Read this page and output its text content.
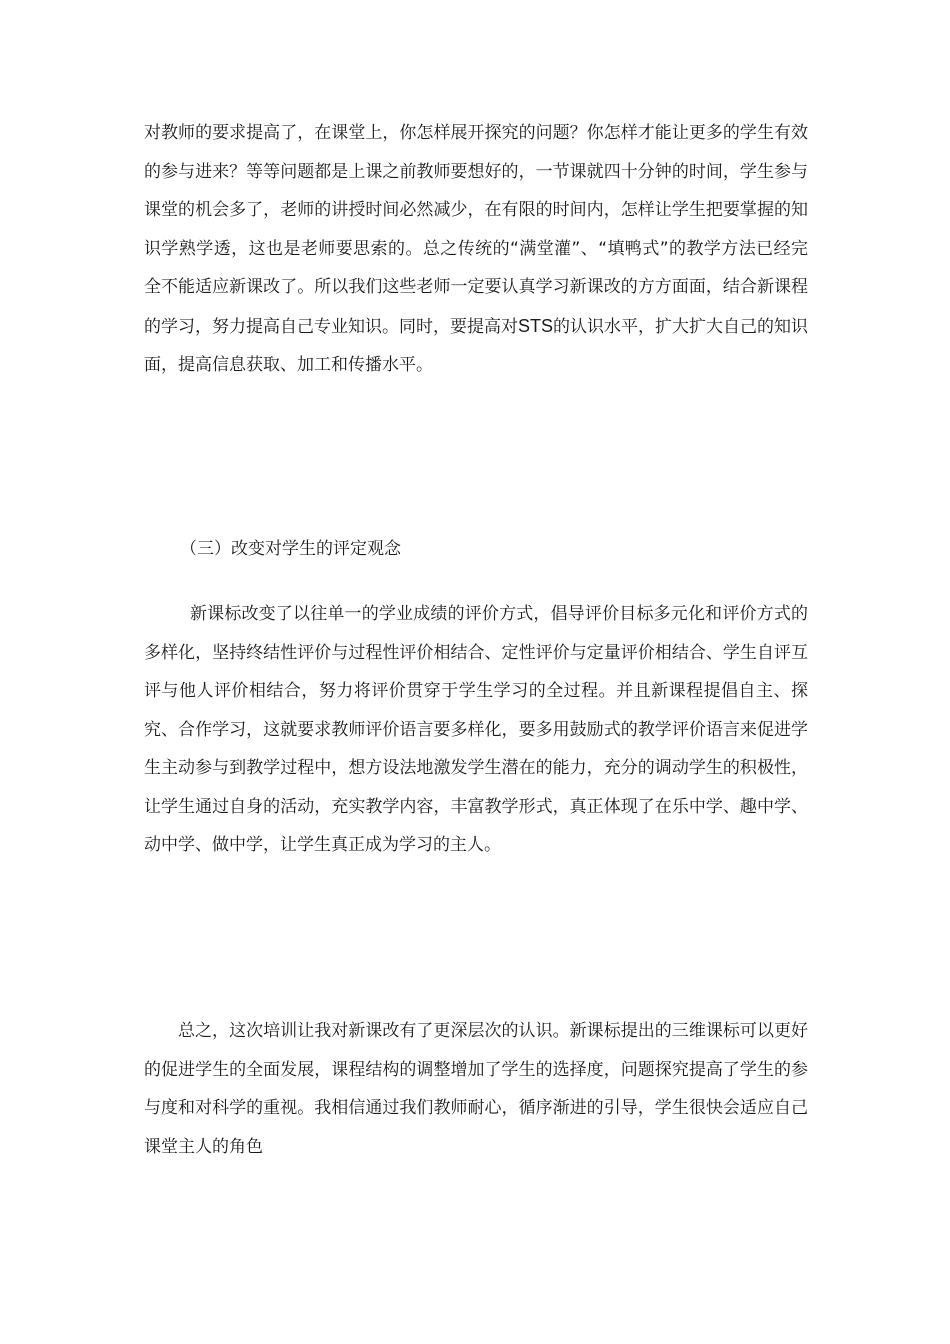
对教师的要求提高了，在课堂上，你怎样展开探究的问题？你怎样才能让更多的学生有效的参与进来？等等问题都是上课之前教师要想好的，一节课就四十分钟的时间，学生参与课堂的机会多了，老师的讲授时间必然减少，在有限的时间内，怎样让学生把要掌握的知识学熟学透，这也是老师要思索的。总之传统的“满堂灌”、“填鸭式”的教学方法已经完全不能适应新课改了。所以我们这些老师一定要认真学习新课改的方方面面，结合新课程的学习，努力提高自己专业知识。同时，要提高对STS的认识水平，扩大扩大自己的知识面，提高信息获取、加工和传播水平。

（三）改变对学生的评定观念

新课标改变了以往单一的学业成绩的评价方式，倡导评价目标多元化和评价方式的多样化，坚持终结性评价与过程性评价相结合、定性评价与定量评价相结合、学生自评互评与他人评价相结合，努力将评价贯穿于学生学习的全过程。并且新课程提倡自主、探究、合作学习，这就要求教师评价语言要多样化，要多用鼓励式的教学评价语言来促进学生主动参与到教学过程中，想方设法地激发学生潜在的能力，充分的调动学生的积极性，让学生通过自身的活动，充实教学内容，丰富教学形式，真正体现了在乐中学、趣中学、动中学、做中学，让学生真正成为学习的主人。

总之，这次培训让我对新课改有了更深层次的认识。新课标提出的三维课标可以更好的促进学生的全面发展，课程结构的调整增加了学生的选择度，问题探究提高了学生的参与度和对科学的重视。我相信通过我们教师耐心，循序渐进的引导，学生很快会适应自己课堂主人的角色
